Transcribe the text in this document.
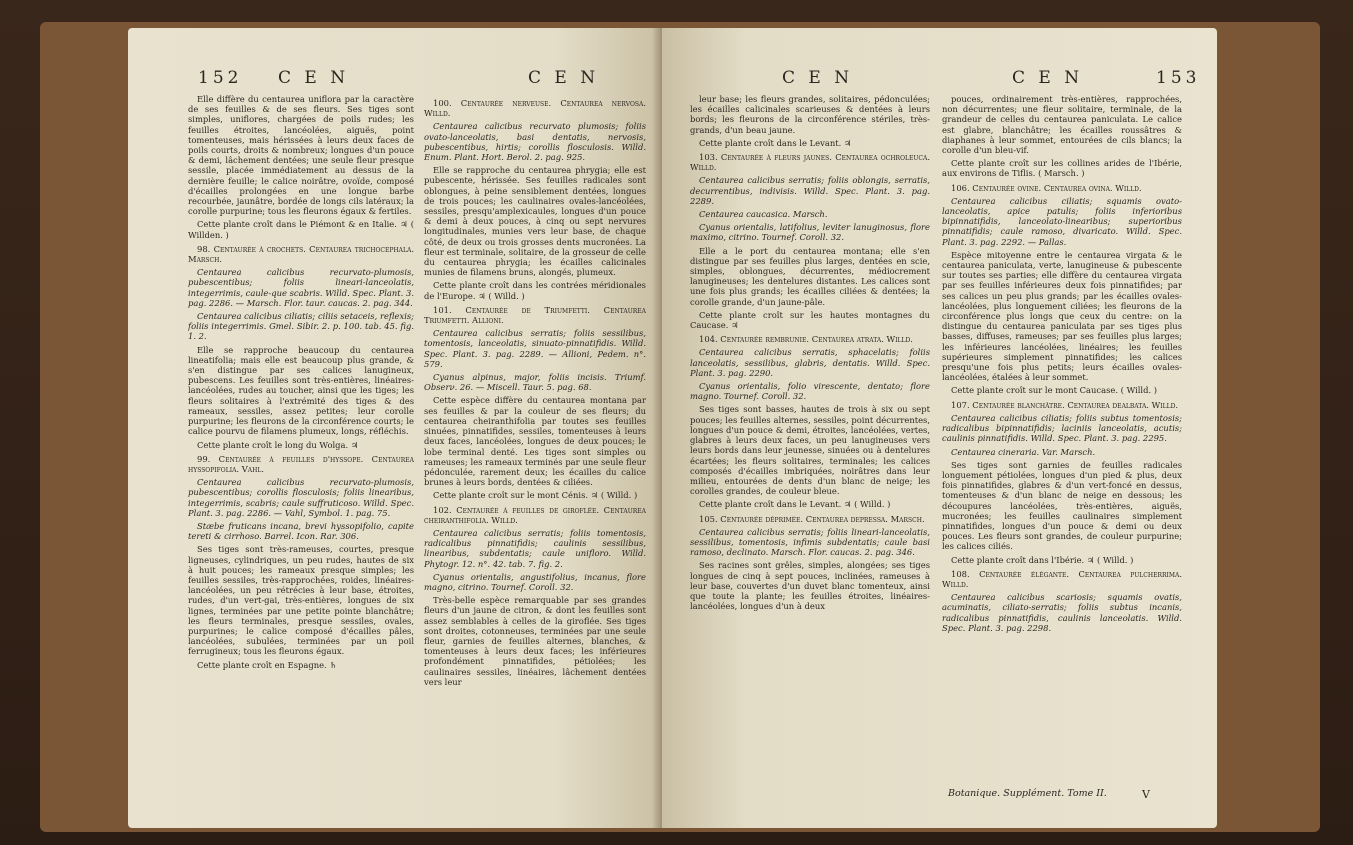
152 C E N	C E N

Elle diffère du centaurea uniflora par la caractère de ses feuilles & de ses fleurs. Ses tiges sont simples, uniflores, chargées de poils rudes; les feuilles étroites, lancéolées, aiguës, point tomenteuses, mais hérissées à leurs deux faces de poils courts, droits & nombreux; longues d'un pouce & demi, lâchement dentées; une seule fleur presque sessile, placée immédiatement au dessus de la dernière feuille; le calice noirâtre, ovoïde, composé d'écailles prolongées en une longue barbe recourbée, jaunâtre, bordée de longs cils latéraux; la corolle purpurine; tous les fleurons égaux & fertiles.

Cette plante croît dans le Piémont & en Italie. ♃ ( Willden. )

98. Centaurée à crochets. Centaurea trichocephala. Marsch.

Centaurea calicibus recurvato-plumosis, pubescentibus; foliis lineari-lanceolatis, integerrimis, caule-que scabris. Willd. Spec. Plant. 3. pag. 2286. — Marsch. Flor. taur. caucas. 2. pag. 344.

Centaurea calicibus ciliatis; ciliis setaceis, reflexis; foliis integerrimis. Gmel. Sibir. 2. p. 100. tab. 45. fig. 1. 2.

Elle se rapproche beaucoup du centaurea lineatifolia; mais elle est beaucoup plus grande, & s'en distingue par ses calices lanugineux, pubescens. Les feuilles sont très-entières, linéaires-lancéolées, rudes au toucher, ainsi que les tiges; les fleurs solitaires à l'extrémité des tiges & des rameaux, sessiles, assez petites; leur corolle purpurine; les fleurons de la circonférence courts; le calice pourvu de filamens plumeux, longs, réfléchis.

Cette plante croît le long du Wolga. ♃

99. Centaurée à feuilles d'hyssope. Centaurea hyssopifolia. Vahl.

Centaurea calicibus recurvato-plumosis, pubescentibus; corollis flosculosis; foliis linearibus, integerrimis, scabris; caule suffruticoso. Willd. Spec. Plant. 3. pag. 2286. — Vahl, Symbol. 1. pag. 75.

Stæbe fruticans incana, brevi hyssopifolio, capite tereti & cirrhoso. Barrel. Icon. Rar. 306.

Ses tiges sont très-rameuses, courtes, presque ligneuses, cylindriques, un peu rudes, hautes de six à huit pouces; les rameaux presque simples; les feuilles sessiles, très-rapprochées, roides, linéaires-lancéolées, un peu rétrécies à leur base, étroites, rudes, d'un vert-gai, très-entières, longues de six lignes, terminées par une petite pointe blanchâtre; les fleurs terminales, presque sessiles, ovales, purpurines; le calice composé d'écailles pâles, lancéolées, subulées, terminées par un poil ferrugineux; tous les fleurons égaux.

Cette plante croît en Espagne. ♄

100. Centaurée nerveuse. Centaurea nervosa. Willd.

Centaurea calicibus recurvato plumosis; foliis ovato-lanceolatis, basi dentatis, nervosis, pubescentibus, hirtis; corollis flosculosis. Willd. Enum. Plant. Hort. Berol. 2. pag. 925.

Elle se rapproche du centaurea phrygia; elle est pubescente, hérissée. Ses feuilles radicales sont oblongues, à peine sensiblement dentées, longues de trois pouces; les caulinaires ovales-lancéolées, sessiles, presqu'amplexicaules, longues d'un pouce & demi à deux pouces, à cinq ou sept nervures longitudinales, munies vers leur base, de chaque côté, de deux ou trois grosses dents mucronées. La fleur est terminale, solitaire, de la grosseur de celle du centaurea phrygia; les écailles calicinales munies de filamens bruns, alongés, plumeux.

Cette plante croît dans les contrées méridionales de l'Europe. ♃ ( Willd. )

101. Centaurée de Triumfetti. Centaurea Triumfetti. Allioni.

Centaurea calicibus serratis; foliis sessilibus, tomentosis, lanceolatis, sinuato-pinnatifidis. Willd. Spec. Plant. 3. pag. 2289. — Allioni, Pedem. n°. 579.

Cyanus alpinus, major, foliis incisis. Triumf. Obserν. 26. — Miscell. Taur. 5. pag. 68.

Cette espèce diffère du centaurea montana par ses feuilles & par la couleur de ses fleurs; du centaurea cheiranthifolia par toutes ses feuilles sinuées, pinnatifides, sessiles, tomenteuses à leurs deux faces, lancéolées, longues de deux pouces; le lobe terminal denté. Les tiges sont simples ou rameuses; les rameaux terminés par une seule fleur pédonculée, rarement deux; les écailles du calice brunes à leurs bords, dentées & ciliées.

Cette plante croît sur le mont Cénis. ♃ ( Willd. )

102. Centaurée à feuilles de giroflée. Centaurea cheiranthifolia. Willd.

Centaurea calicibus serratis; foliis tomentosis, radicalibus pinnatifidis; caulinis sessilibus, linearibus, subdentatis; caule unifloro. Willd. Phytogr. 12. n°. 42. tab. 7. fig. 2.

Cyanus orientalis, angustifolius, incanus, flore magno, citrino. Tournef. Coroll. 32.

Très-belle espèce remarquable par ses grandes fleurs d'un jaune de citron, & dont les feuilles sont assez semblables à celles de la giroflée. Ses tiges sont droites, cotonneuses, terminées par une seule fleur, garnies de feuilles alternes, blanches, & tomenteuses à leurs deux faces; les inférieures profondément pinnatifides, pétiolées; les caulinaires sessiles, linéaires, lâchement dentées vers leur

C E N	C E N	153

leur base; les fleurs grandes, solitaires, pédonculées; les écailles calicinales scarieuses & dentées à leurs bords; les fleurons de la circonférence stériles, très-grands, d'un beau jaune.

Cette plante croît dans le Levant. ♃

103. Centaurée à fleurs jaunes. Centaurea ochroleuca. Willd.

Centaurea calicibus serratis; foliis oblongis, serratis, decurrentibus, indivisis. Willd. Spec. Plant. 3. pag. 2289.

Centaurea caucasica. Marsch.

Cyanus orientalis, latifolius, leviter lanuginosus, flore maximo, citrino. Tournef. Coroll. 32.

Elle a le port du centaurea montana; elle s'en distingue par ses feuilles plus larges, dentées en scie, simples, oblongues, décurrentes, médiocrement lanugineuses; les dentelures distantes. Les calices sont une fois plus grands; les écailles ciliées & dentées; la corolle grande, d'un jaune-pâle.

Cette plante croît sur les hautes montagnes du Caucase. ♃

104. Centaurée rembrunie. Centaurea atrata. Willd.

Centaurea calicibus serratis, sphacelatis; foliis lanceolatis, sessilibus, glabris, dentatis. Willd. Spec. Plant. 3. pag. 2290.

Cyanus orientalis, folio virescente, dentato; flore magno. Tournef. Coroll. 32.

Ses tiges sont basses, hautes de trois à six ou sept pouces; les feuilles alternes, sessiles, point décurrentes, longues d'un pouce & demi, étroites, lancéolées, vertes, glabres à leurs deux faces, un peu lanugineuses vers leurs bords dans leur jeunesse, sinuées ou à dentelures écartées; les fleurs solitaires, terminales; les calices composés d'écailles imbriquées, noirâtres dans leur milieu, entourées de dents d'un blanc de neige; les corolles grandes, de couleur bleue.

Cette plante croît dans le Levant. ♃ ( Willd. )

105. Centaurée déprimée. Centaurea depressa. Marsch.

Centaurea calicibus serratis; foliis lineari-lanceolatis, sessilibus, tomentosis, infimis subdentatis; caule basi ramoso, declinato. Marsch. Flor. caucas. 2. pag. 346.

Ses racines sont grêles, simples, alongées; ses tiges longues de cinq à sept pouces, inclinées, rameuses à leur base, couvertes d'un duvet blanc tomenteux, ainsi que toute la plante; les feuilles étroites, linéaires-lancéolées, longues d'un à deux

pouces, ordinairement très-entières, rapprochées, non décurrentes; une fleur solitaire, terminale, de la grandeur de celles du centaurea paniculata. Le calice est glabre, blanchâtre; les écailles roussâtres & diaphanes à leur sommet, entourées de cils blancs; la corolle d'un bleu-vif.

Cette plante croît sur les collines arides de l'Ibérie, aux environs de Tiflis. ( Marsch. )

106. Centaurée ovine. Centaurea ovina. Willd.

Centaurea calicibus ciliatis; squamis ovato-lanceolatis, apice patulis; foliis inferioribus bipinnatifidis, lanceolato-linearibus; superioribus pinnatifidis; caule ramoso, divaricato. Willd. Spec. Plant. 3. pag. 2292. — Pallas.

Espèce mitoyenne entre le centaurea virgata & le centaurea paniculata, verte, lanugineuse & pubescente sur toutes ses parties; elle diffère du centaurea virgata par ses feuilles inférieures deux fois pinnatifides; par ses calices un peu plus grands; par les écailles ovales-lancéolées, plus longuement ciliées; les fleurons de la circonférence plus longs que ceux du centre: on la distingue du centaurea paniculata par ses tiges plus basses, diffuses, rameuses; par ses feuilles plus larges; les inférieures lancéolées, linéaires; les feuilles supérieures simplement pinnatifides; les calices presqu'une fois plus petits; leurs écailles ovales-lancéolées, étalées à leur sommet.

Cette plante croît sur le mont Caucase. ( Willd. )

107. Centaurée blanchâtre. Centaurea dealbata. Willd.

Centaurea calicibus ciliatis; foliis subtus tomentosis; radicalibus bipinnatifidis; laciniis lanceolatis, acutis; caulinis pinnatifidis. Willd. Spec. Plant. 3. pag. 2295.

Centaurea cineraria. Var. Marsch.

Ses tiges sont garnies de feuilles radicales longuement pétiolées, longues d'un pied & plus, deux fois pinnatifides, glabres & d'un vert-foncé en dessus, tomenteuses & d'un blanc de neige en dessous; les découpures lancéolées, très-entières, aiguës, mucronées; les feuilles caulinaires simplement pinnatifides, longues d'un pouce & demi ou deux pouces. Les fleurs sont grandes, de couleur purpurine; les calices ciliés.

Cette plante croît dans l'Ibérie. ♃ ( Willd. )

108. Centaurée élégante. Centaurea pulcherrima. Willd.

Centaurea calicibus scariosis; squamis ovatis, acuminatis, ciliato-serratis; foliis subtus incanis, radicalibus pinnatifidis, caulinis lanceolatis. Willd. Spec. Plant. 3. pag. 2298.

Botanique. Supplément. Tome II.	V
